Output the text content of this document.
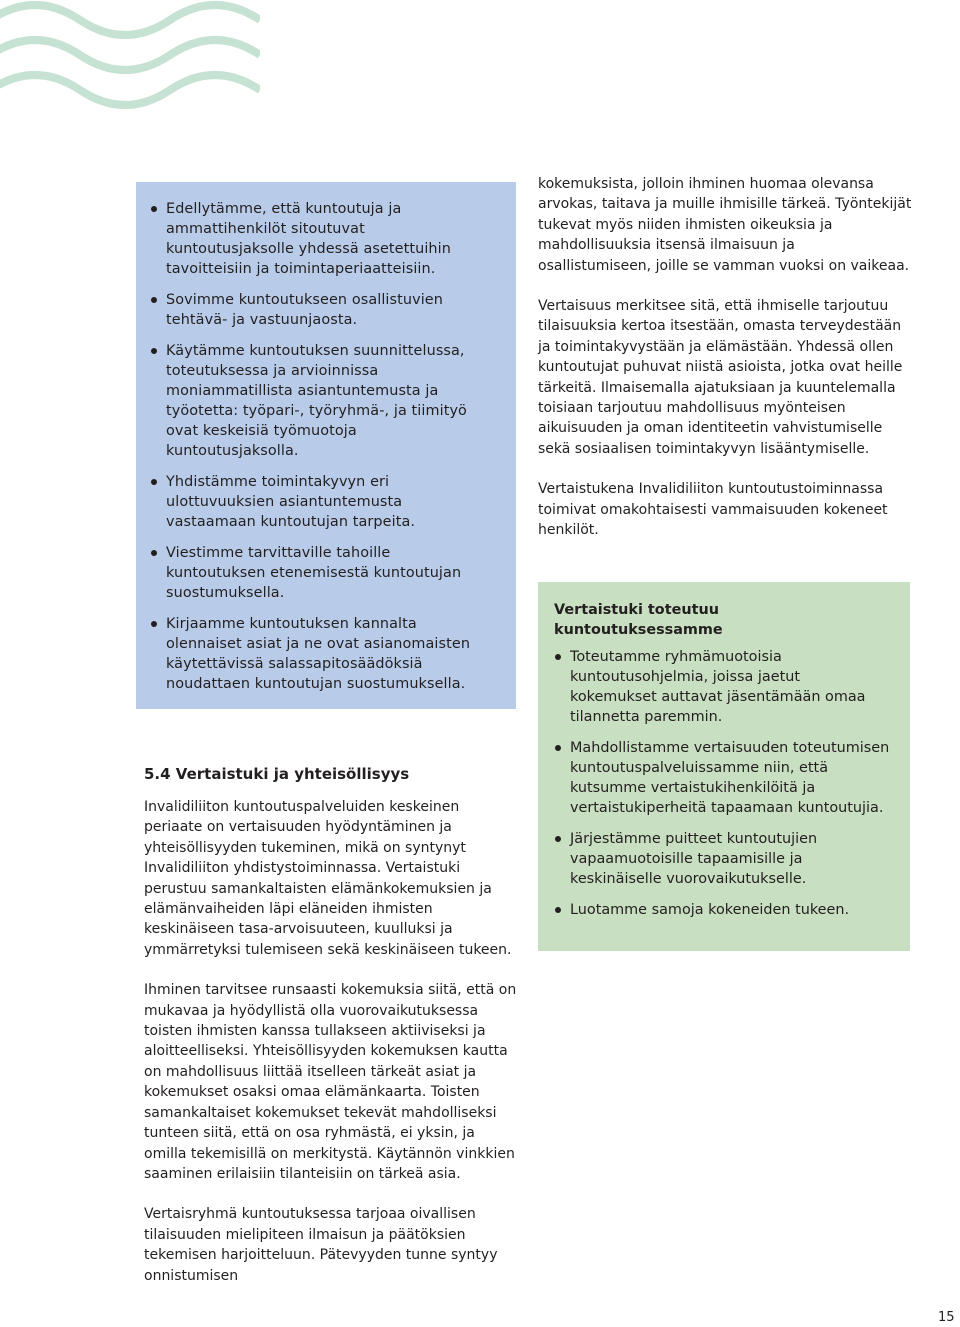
Edellytämme, että kuntoutuja ja ammattihenkilöt sitoutuvat kuntoutusjaksolle yhdessä asetettuihin tavoitteisiin ja toimintaperiaatteisiin.
Sovimme kuntoutukseen osallistuvien tehtävä- ja vastuunjaosta.
Käytämme kuntoutuksen suunnittelussa, toteutuksessa ja arvioinnissa moniammatillista asiantuntemusta ja työotetta: työpari-, työryhmä-, ja tiimityö ovat keskeisiä työmuotoja kuntoutusjaksolla.
Yhdistämme toimintakyvyn eri ulottuvuuksien asiantuntemusta vastaamaan kuntoutujan tarpeita.
Viestimme tarvittaville tahoille kuntoutuksen etenemisestä kuntoutujan suostumuksella.
Kirjaamme kuntoutuksen kannalta olennaiset asiat ja ne ovat asianomaisten käytettävissä salassapitosäädöksiä noudattaen kuntoutujan suostumuksella.
5.4 Vertaistuki ja yhteisöllisyys

Invalidiliiton kuntoutuspalveluiden keskeinen periaate on vertaisuuden hyödyntäminen ja yhteisöllisyyden tukeminen, mikä on syntynyt Invalidiliiton yhdistystoiminnassa. Vertaistuki perustuu samankaltaisten elämänkokemuksien ja elämänvaiheiden läpi eläneiden ihmisten keskinäiseen tasa-arvoisuuteen, kuulluksi ja ymmärretyksi tulemiseen sekä keskinäiseen tukeen.

Ihminen tarvitsee runsaasti kokemuksia siitä, että on mukavaa ja hyödyllistä olla vuorovaikutuksessa toisten ihmisten kanssa tullakseen aktiiviseksi ja aloitteelliseksi. Yhteisöllisyyden kokemuksen kautta on mahdollisuus liittää itselleen tärkeät asiat ja kokemukset osaksi omaa elämänkaarta. Toisten samankaltaiset kokemukset tekevät mahdolliseksi tunteen siitä, että on osa ryhmästä, ei yksin, ja omilla tekemisillä on merkitystä. Käytännön vinkkien saaminen erilaisiin tilanteisiin on tärkeä asia.

Vertaisryhmä kuntoutuksessa tarjoaa oivallisen tilaisuuden mielipiteen ilmaisun ja päätöksien tekemisen harjoitteluun. Pätevyyden tunne syntyy onnistumisen

kokemuksista, jolloin ihminen huomaa olevansa arvokas, taitava ja muille ihmisille tärkeä. Työntekijät tukevat myös niiden ihmisten oikeuksia ja mahdollisuuksia itsensä ilmaisuun ja osallistumiseen, joille se vamman vuoksi on vaikeaa.

Vertaisuus merkitsee sitä, että ihmiselle tarjoutuu tilaisuuksia kertoa itsestään, omasta terveydestään ja toimintakyvystään ja elämästään. Yhdessä ollen kuntoutujat puhuvat niistä asioista, jotka ovat heille tärkeitä. Ilmaisemalla ajatuksiaan ja kuuntelemalla toisiaan tarjoutuu mahdollisuus myönteisen aikuisuuden ja oman identiteetin vahvistumiselle sekä sosiaalisen toimintakyvyn lisääntymiselle.

Vertaistukena Invalidiliiton kuntoutustoiminnassa toimivat omakohtaisesti vammaisuuden kokeneet henkilöt.

Vertaistuki toteutuu kuntoutuksessamme
Toteutamme ryhmämuotoisia kuntoutusohjelmia, joissa jaetut kokemukset auttavat jäsentämään omaa tilannetta paremmin.
Mahdollistamme vertaisuuden toteutumisen kuntoutuspalveluissamme niin, että kutsumme vertaistukihenkilöitä ja vertaistukiperheitä tapaamaan kuntoutujia.
Järjestämme puitteet kuntoutujien vapaamuotoisille tapaamisille ja keskinäiselle vuorovaikutukselle.
Luotamme samoja kokeneiden tukeen.
15
